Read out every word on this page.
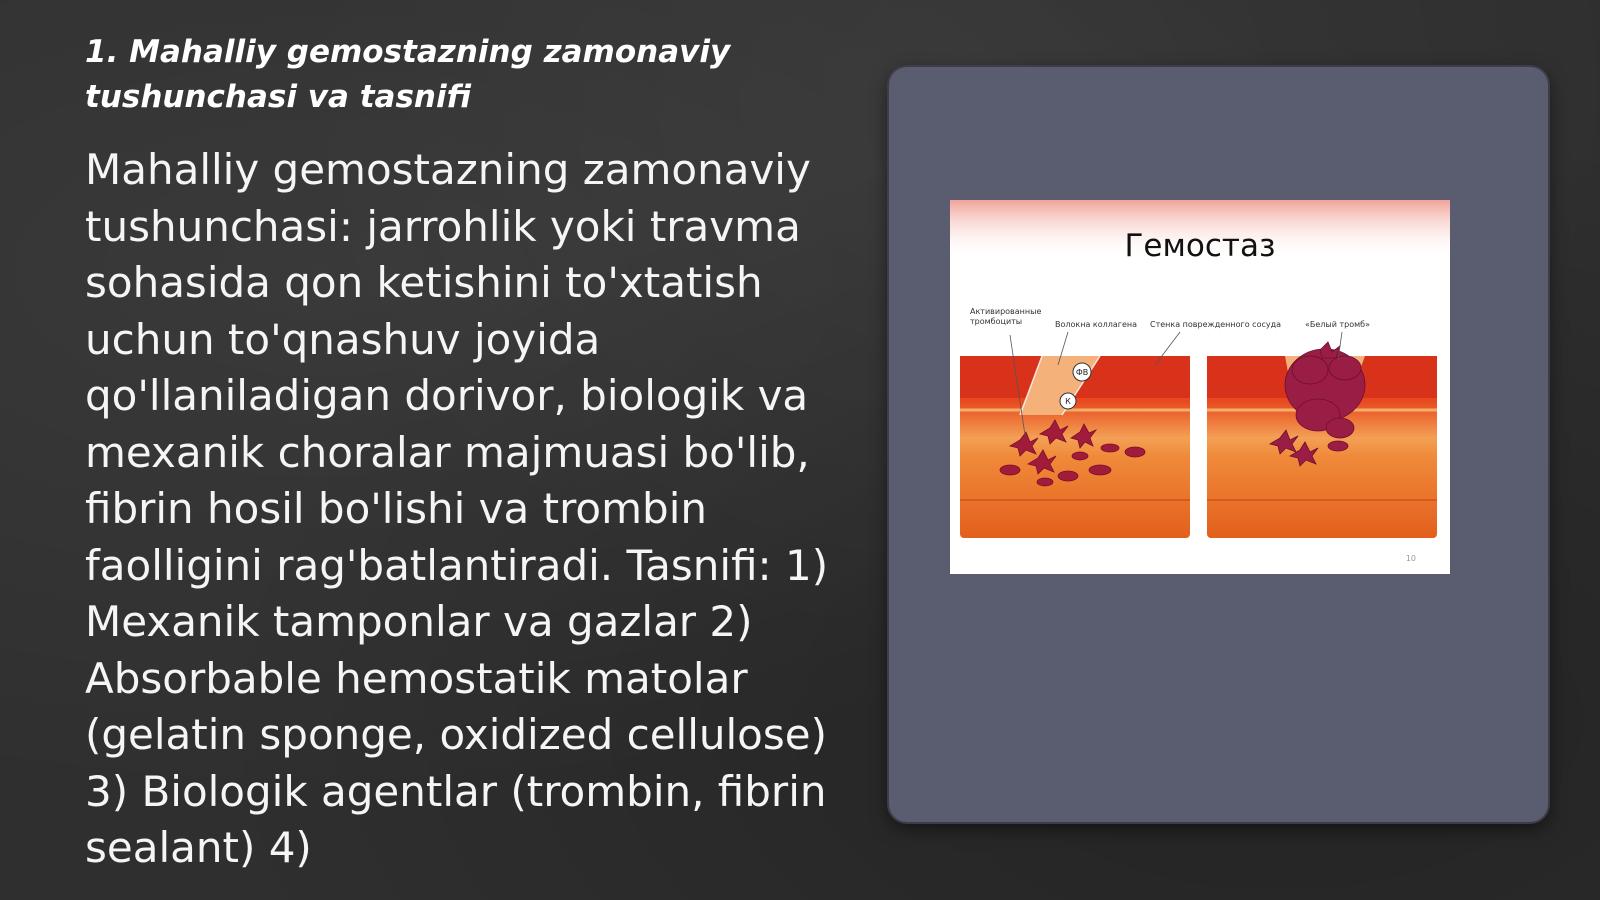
1. Mahalliy gemostazning zamonaviy tushunchasi va tasnifi

Mahalliy gemostazning zamonaviy tushunchasi: jarrohlik yoki travma sohasida qon ketishini to'xtatish uchun to'qnashuv joyida qo'llaniladigan dorivor, biologik va mexanik choralar majmuasi bo'lib, fibrin hosil bo'lishi va trombin faolligini rag'batlantiradi. Tasnifi: 1) Mexanik tamponlar va gazlar 2) Absorbable hemostatik matolar (gelatin sponge, oxidized cellulose) 3) Biologik agentlar (trombin, fibrin sealant) 4)

ФВ
К
Гемостаз
Активированные тромбоциты	Волокна коллагена	Стенка поврежденного сосуда	«Белый тромб»
10
